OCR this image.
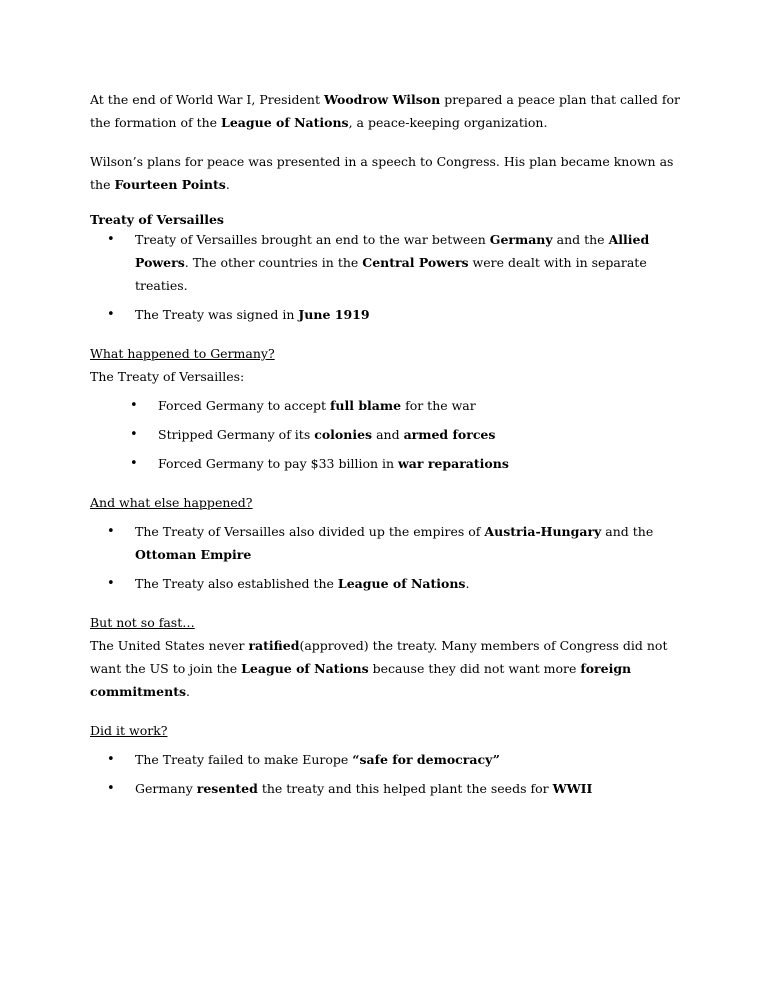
At the end of World War I, President Woodrow Wilson prepared a peace plan that called for the formation of the League of Nations, a peace-keeping organization.

Wilson’s plans for peace was presented in a speech to Congress. His plan became known as the Fourteen Points.

Treaty of Versailles

• Treaty of Versailles brought an end to the war between Germany and the Allied Powers. The other countries in the Central Powers were dealt with in separate treaties.
• The Treaty was signed in June 1919

What happened to Germany?

The Treaty of Versailles:

• Forced Germany to accept full blame for the war
• Stripped Germany of its colonies and armed forces
• Forced Germany to pay $33 billion in war reparations

And what else happened?

• The Treaty of Versailles also divided up the empires of Austria-Hungary and the Ottoman Empire
• The Treaty also established the League of Nations.

But not so fast…

The United States never ratified(approved) the treaty. Many members of Congress did not want the US to join the League of Nations because they did not want more foreign commitments.

Did it work?

• The Treaty failed to make Europe “safe for democracy”
• Germany resented the treaty and this helped plant the seeds for WWII
